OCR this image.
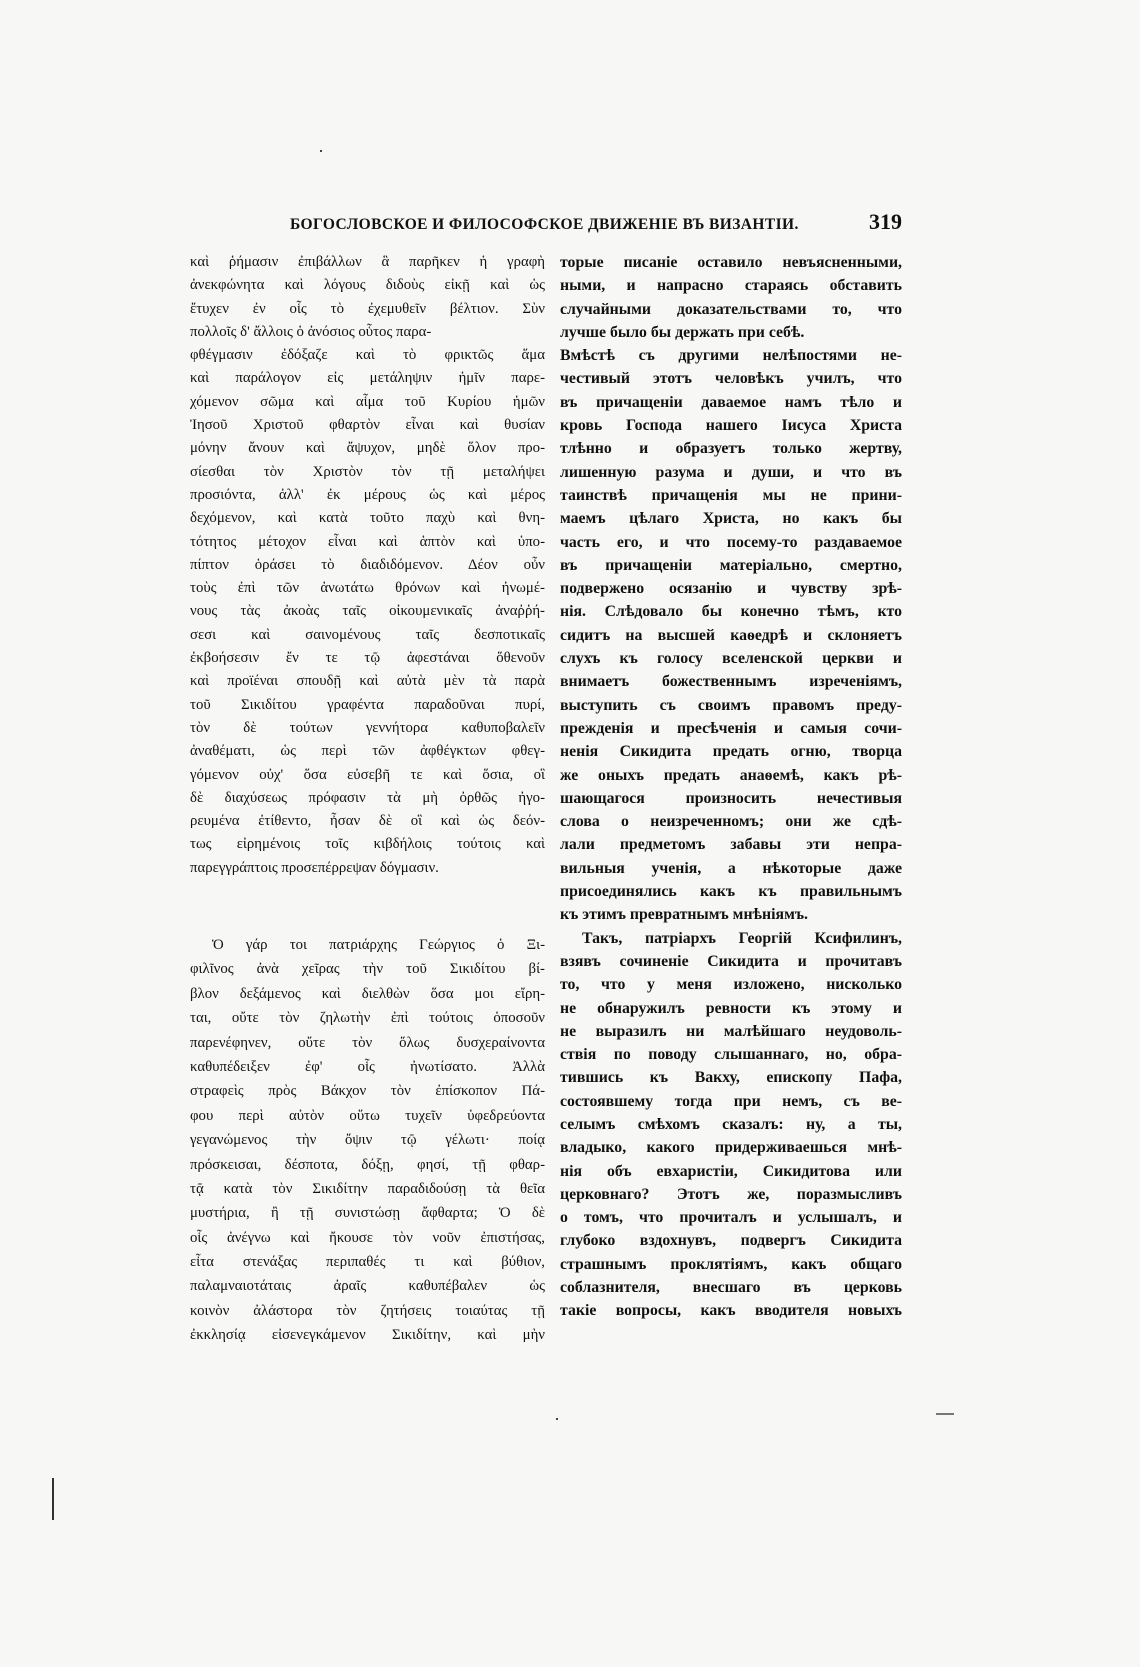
БОГОСЛОВСКОЕ И ФИЛОСОФСКОЕ ДВИЖЕНІЕ ВЪ ВИЗАНТІИ.	319
καὶ ῥήμασιν ἐπιβάλλων ἃ παρῆκεν ἡ γραφὴ
ἀνεκφώνητα καὶ λόγους διδοὺς εἰκῇ καὶ ὡς
ἔτυχεν ἐν οἷς τὸ ἐχεμυθεῖν βέλτιον. Σὺν
πολλοῖς δ' ἄλλοις ὁ ἀνόσιος οὗτος παρα-
φθέγμασιν ἐδόξαζε καὶ τὸ φρικτῶς ἅμα
καὶ παράλογον εἰς μετάληψιν ἡμῖν παρε-
χόμενον σῶμα καὶ αἷμα τοῦ Κυρίου ἡμῶν
Ἰησοῦ Χριστοῦ φθαρτὸν εἶναι καὶ θυσίαν
μόνην ἄνουν καὶ ἄψυχον, μηδὲ ὅλον προ-
σίεσθαι τὸν Χριστὸν τὸν τῇ μεταλήψει
προσιόντα, ἀλλ' ἐκ μέρους ὡς καὶ μέρος
δεχόμενον, καὶ κατὰ τοῦτο παχὺ καὶ θνη-
τότητος μέτοχον εἶναι καὶ ἁπτὸν καὶ ὑπο-
πίπτον ὁράσει τὸ διαδιδόμενον. Δέον οὖν
τοὺς ἐπὶ τῶν ἀνωτάτω θρόνων καὶ ἠνωμέ-
νους τὰς ἀκοὰς ταῖς οἰκουμενικαῖς ἀναῤῥή-
σεσι καὶ σαινομένους ταῖς δεσποτικαῖς
ἐκβοήσεσιν ἔν τε τῷ ἀφεστάναι ὅθενοῦν
καὶ προϊέναι σπουδῇ καὶ αὐτὰ μὲν τὰ παρὰ
τοῦ Σικιδίτου γραφέντα παραδοῦναι πυρί,
τὸν δὲ τούτων γεννήτορα καθυποβαλεῖν
ἀναθέματι, ὡς περὶ τῶν ἀφθέγκτων φθεγ-
γόμενον οὐχ' ὅσα εὐσεβῆ τε καὶ ὅσια, οἳ
δὲ διαχύσεως πρόφασιν τὰ μὴ ὀρθῶς ἠγο-
ρευμένα ἐτίθεντο, ἦσαν δὲ οἳ καὶ ὡς δεόν-
τως εἰρημένοις τοῖς κιβδήλοις τούτοις καὶ
παρεγγράπτοις προσεπέρρεψαν δόγμασιν.
Ὁ γάρ τοι πατριάρχης Γεώργιος ὁ Ξι-
φιλῖνος ἀνὰ χεῖρας τὴν τοῦ Σικιδίτου βί-
βλον δεξάμενος καὶ διελθὼν ὅσα μοι εἴρη-
ται, οὔτε τὸν ζηλωτὴν ἐπὶ τούτοις ὁποσοῦν
παρενέφηνεν, οὔτε τὸν ὅλως δυσχεραίνοντα
καθυπέδειξεν ἐφ' οἷς ἠνωτίσατο. Ἀλλὰ
στραφεὶς πρὸς Βάκχον τὸν ἐπίσκοπον Πά-
φου περὶ αὐτὸν οὕτω τυχεῖν ὑφεδρεύοντα
γεγανώμενος τὴν ὄψιν τῷ γέλωτι· ποίᾳ
πρόσκεισαι, δέσποτα, δόξῃ, φησί, τῇ φθαρ-
τᾷ κατὰ τὸν Σικιδίτην παραδιδούσῃ τὰ θεῖα
μυστήρια, ἢ τῇ συνιστώσῃ ἄφθαρτα; Ὁ δὲ
οἷς ἀνέγνω καὶ ἤκουσε τὸν νοῦν ἐπιστήσας,
εἶτα στενάξας περιπαθές τι καὶ βύθιον,
παλαμναιοτάταις ἀραῖς καθυπέβαλεν ὡς
κοινὸν ἀλάστορα τὸν ζητήσεις τοιαύτας τῇ
ἐκκλησίᾳ εἰσενεγκάμενον Σικιδίτην, καὶ μὴν
торые писаніе оставило невъясненными,
ными, и напрасно стараясь обставить
случайными доказательствами то, что
лучше было бы держать при себѣ.
Вмѣстѣ съ другими нелѣпостями не-
честивый этотъ человѣкъ училъ, что
въ причащеніи даваемое намъ тѣло и
кровь Господа нашего Іисуса Христа
тлѣнно и образуетъ только жертву,
лишенную разума и души, и что въ
таинствѣ причащенія мы не прини-
маемъ цѣлаго Христа, но какъ бы
часть его, и что посему-то раздаваемое
въ причащеніи матеріально, смертно,
подвержено осязанію и чувству зрѣ-
нія. Слѣдовало бы конечно тѣмъ, кто
сидитъ на высшей каѳедрѣ и склоняетъ
слухъ къ голосу вселенской церкви и
внимаетъ божественнымъ изреченіямъ,
выступить съ своимъ правомъ преду-
прежденія и пресѣченія и самыя сочи-
ненія Сикидита предать огню, творца
же оныхъ предать анаѳемѣ, какъ рѣ-
шающагося произносить нечестивыя
слова о неизреченномъ; они же сдѣ-
лали предметомъ забавы эти непра-
вильныя ученія, а нѣкоторые даже
присоединялись какъ къ правильнымъ
къ этимъ превратнымъ мнѣніямъ.
Такъ, патріархъ Георгій Ксифилинъ,
взявъ сочиненіе Сикидита и прочитавъ
то, что у меня изложено, нисколько
не обнаружилъ ревности къ этому и
не выразилъ ни малѣйшаго неудоволь-
ствія по поводу слышаннаго, но, обра-
тившись къ Вакху, епископу Пафа,
состоявшему тогда при немъ, съ ве-
селымъ смѣхомъ сказалъ: ну, а ты,
владыко, какого придерживаешься мнѣ-
нія объ евхаристіи, Сикидитова или
церковнаго? Этотъ же, поразмысливъ
о томъ, что прочиталъ и услышалъ, и
глубоко вздохнувъ, подвергъ Сикидита
страшнымъ проклятіямъ, какъ общаго
соблазнителя, внесшаго въ церковь
такіе вопросы, какъ вводителя новыхъ
